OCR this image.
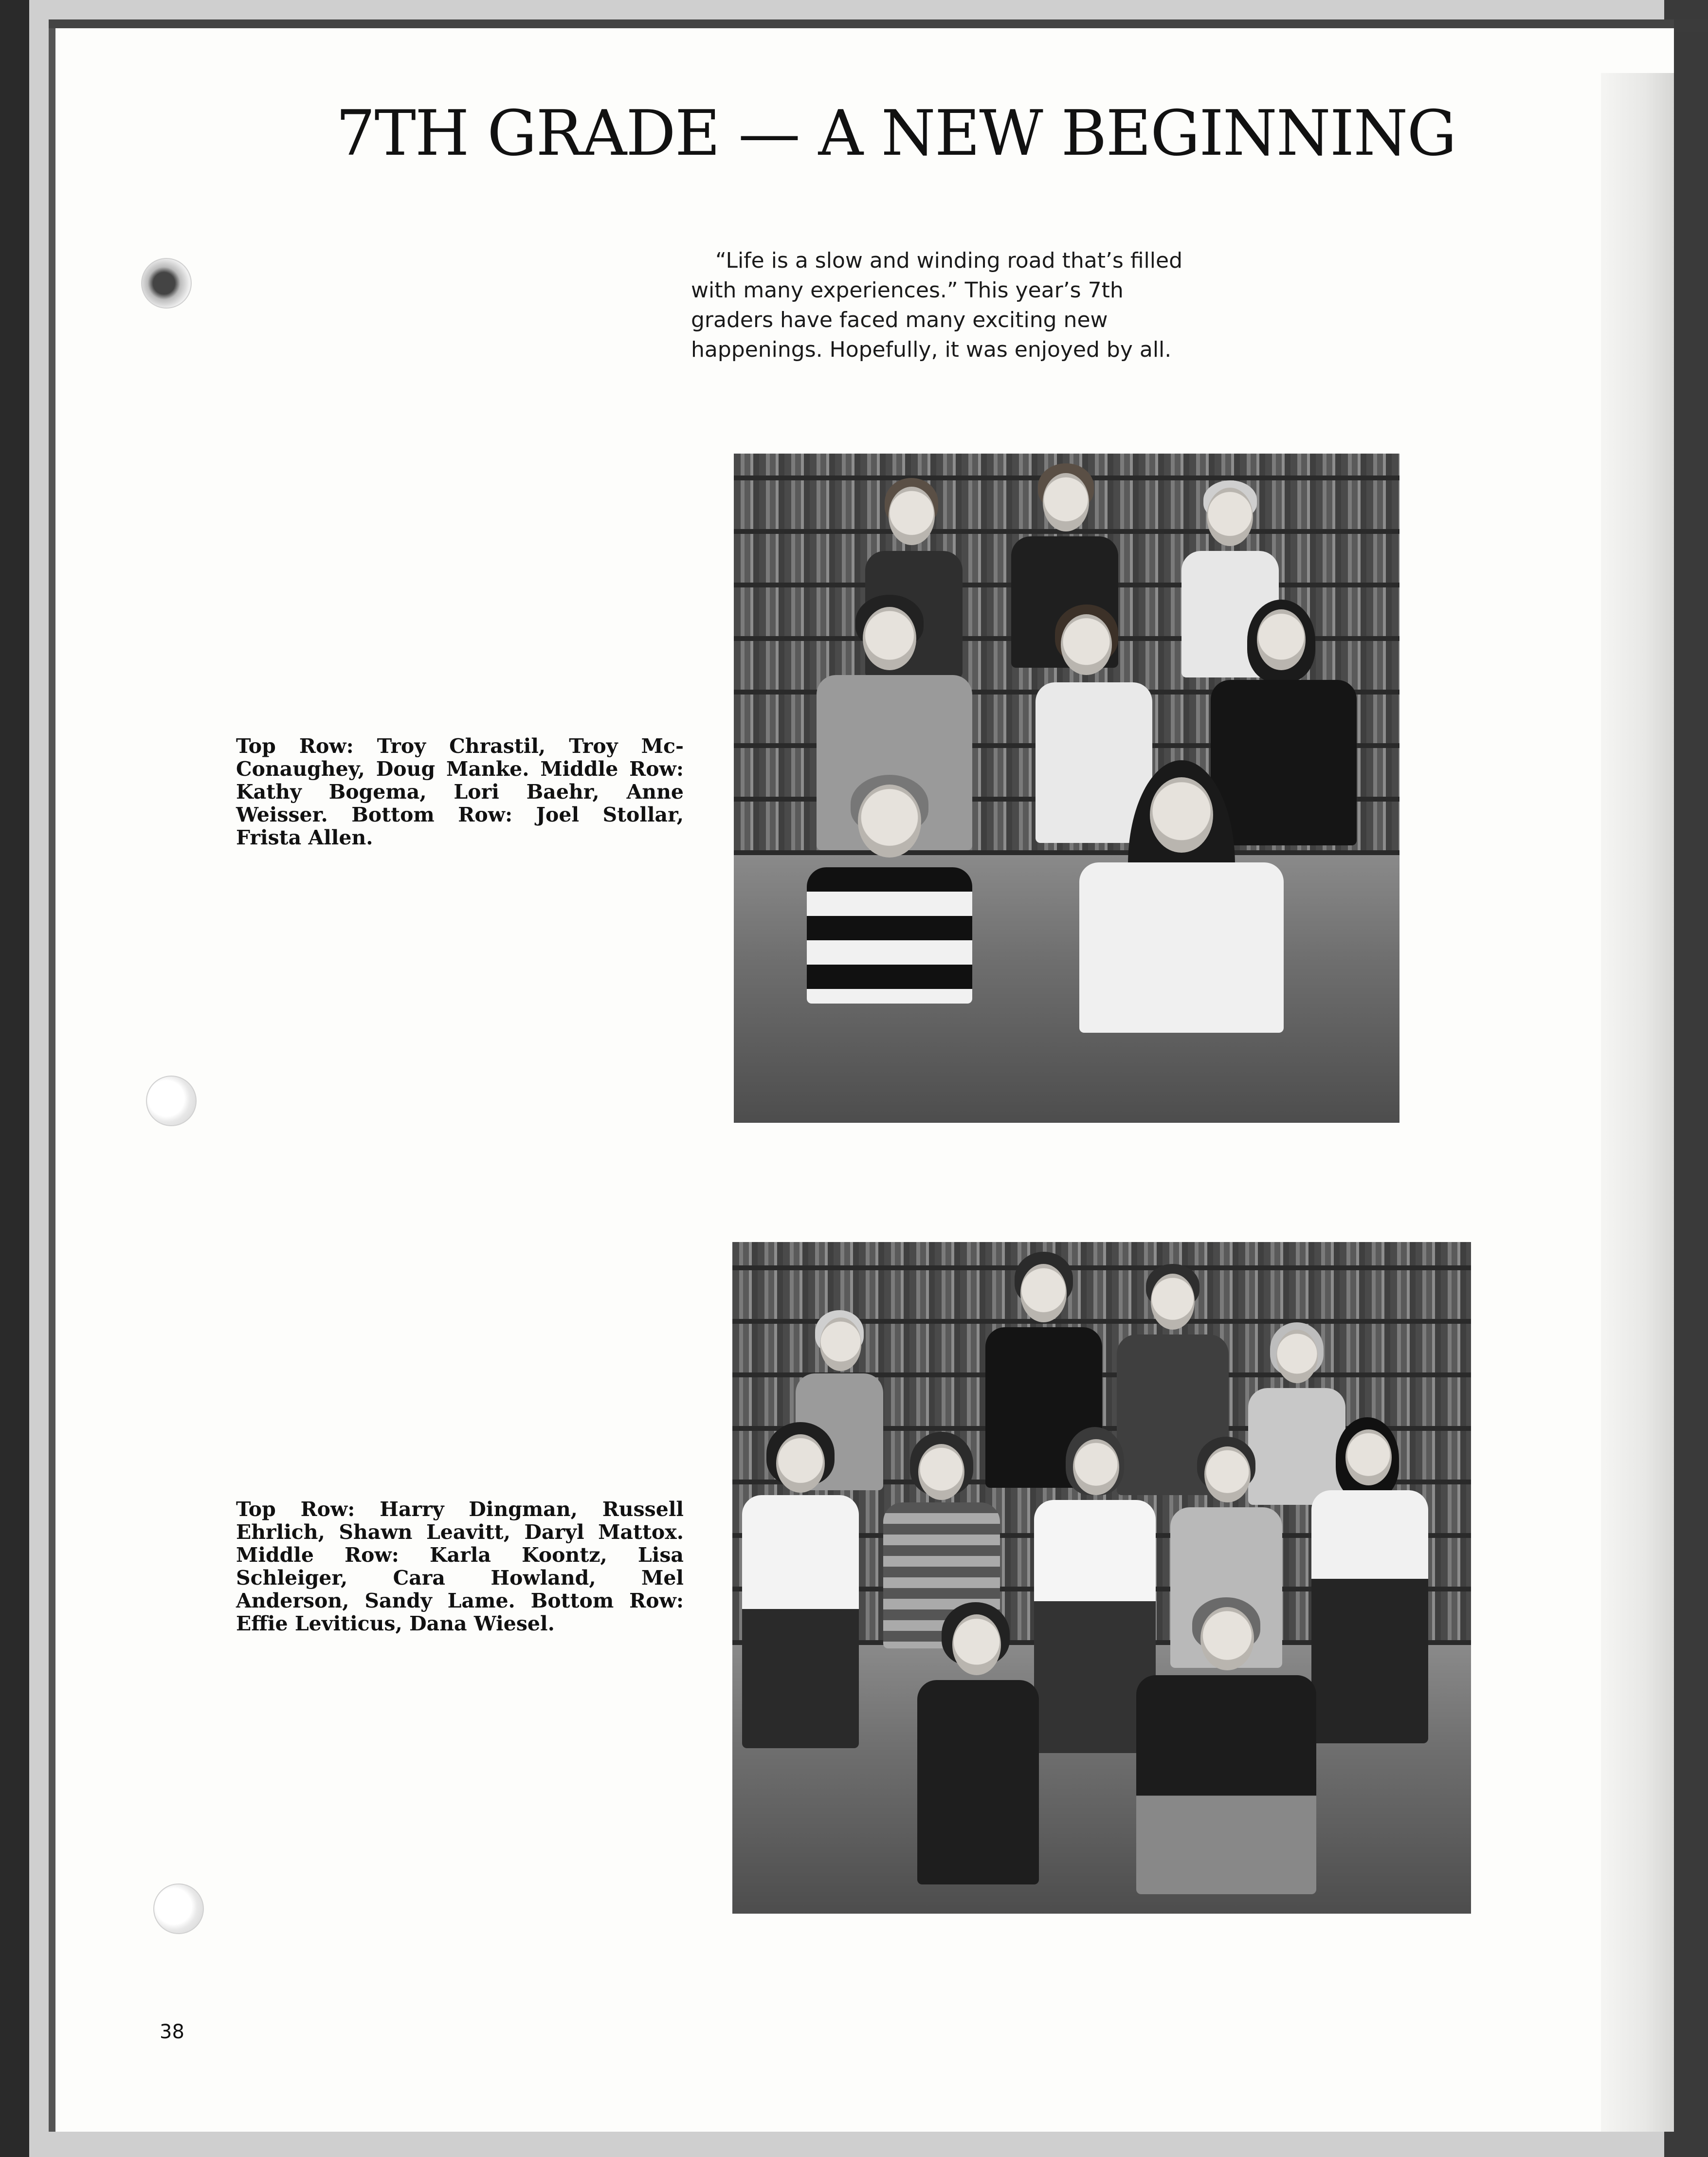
7TH GRADE — A NEW BEGINNING

“Life is a slow and winding road that’s filled with many experiences.” This year’s 7th graders have faced many exciting new happenings. Hopefully, it was enjoyed by all.

Top Row: Troy Chrastil, Troy Mc-Conaughey, Doug Manke. Middle Row: Kathy Bogema, Lori Baehr, Anne Weisser. Bottom Row: Joel Stollar, Frista Allen.

Top Row: Harry Dingman, Russell Ehrlich, Shawn Leavitt, Daryl Mattox. Middle Row: Karla Koontz, Lisa Schleiger, Cara Howland, Mel Anderson, Sandy Lame. Bottom Row: Effie Leviticus, Dana Wiesel.

38
